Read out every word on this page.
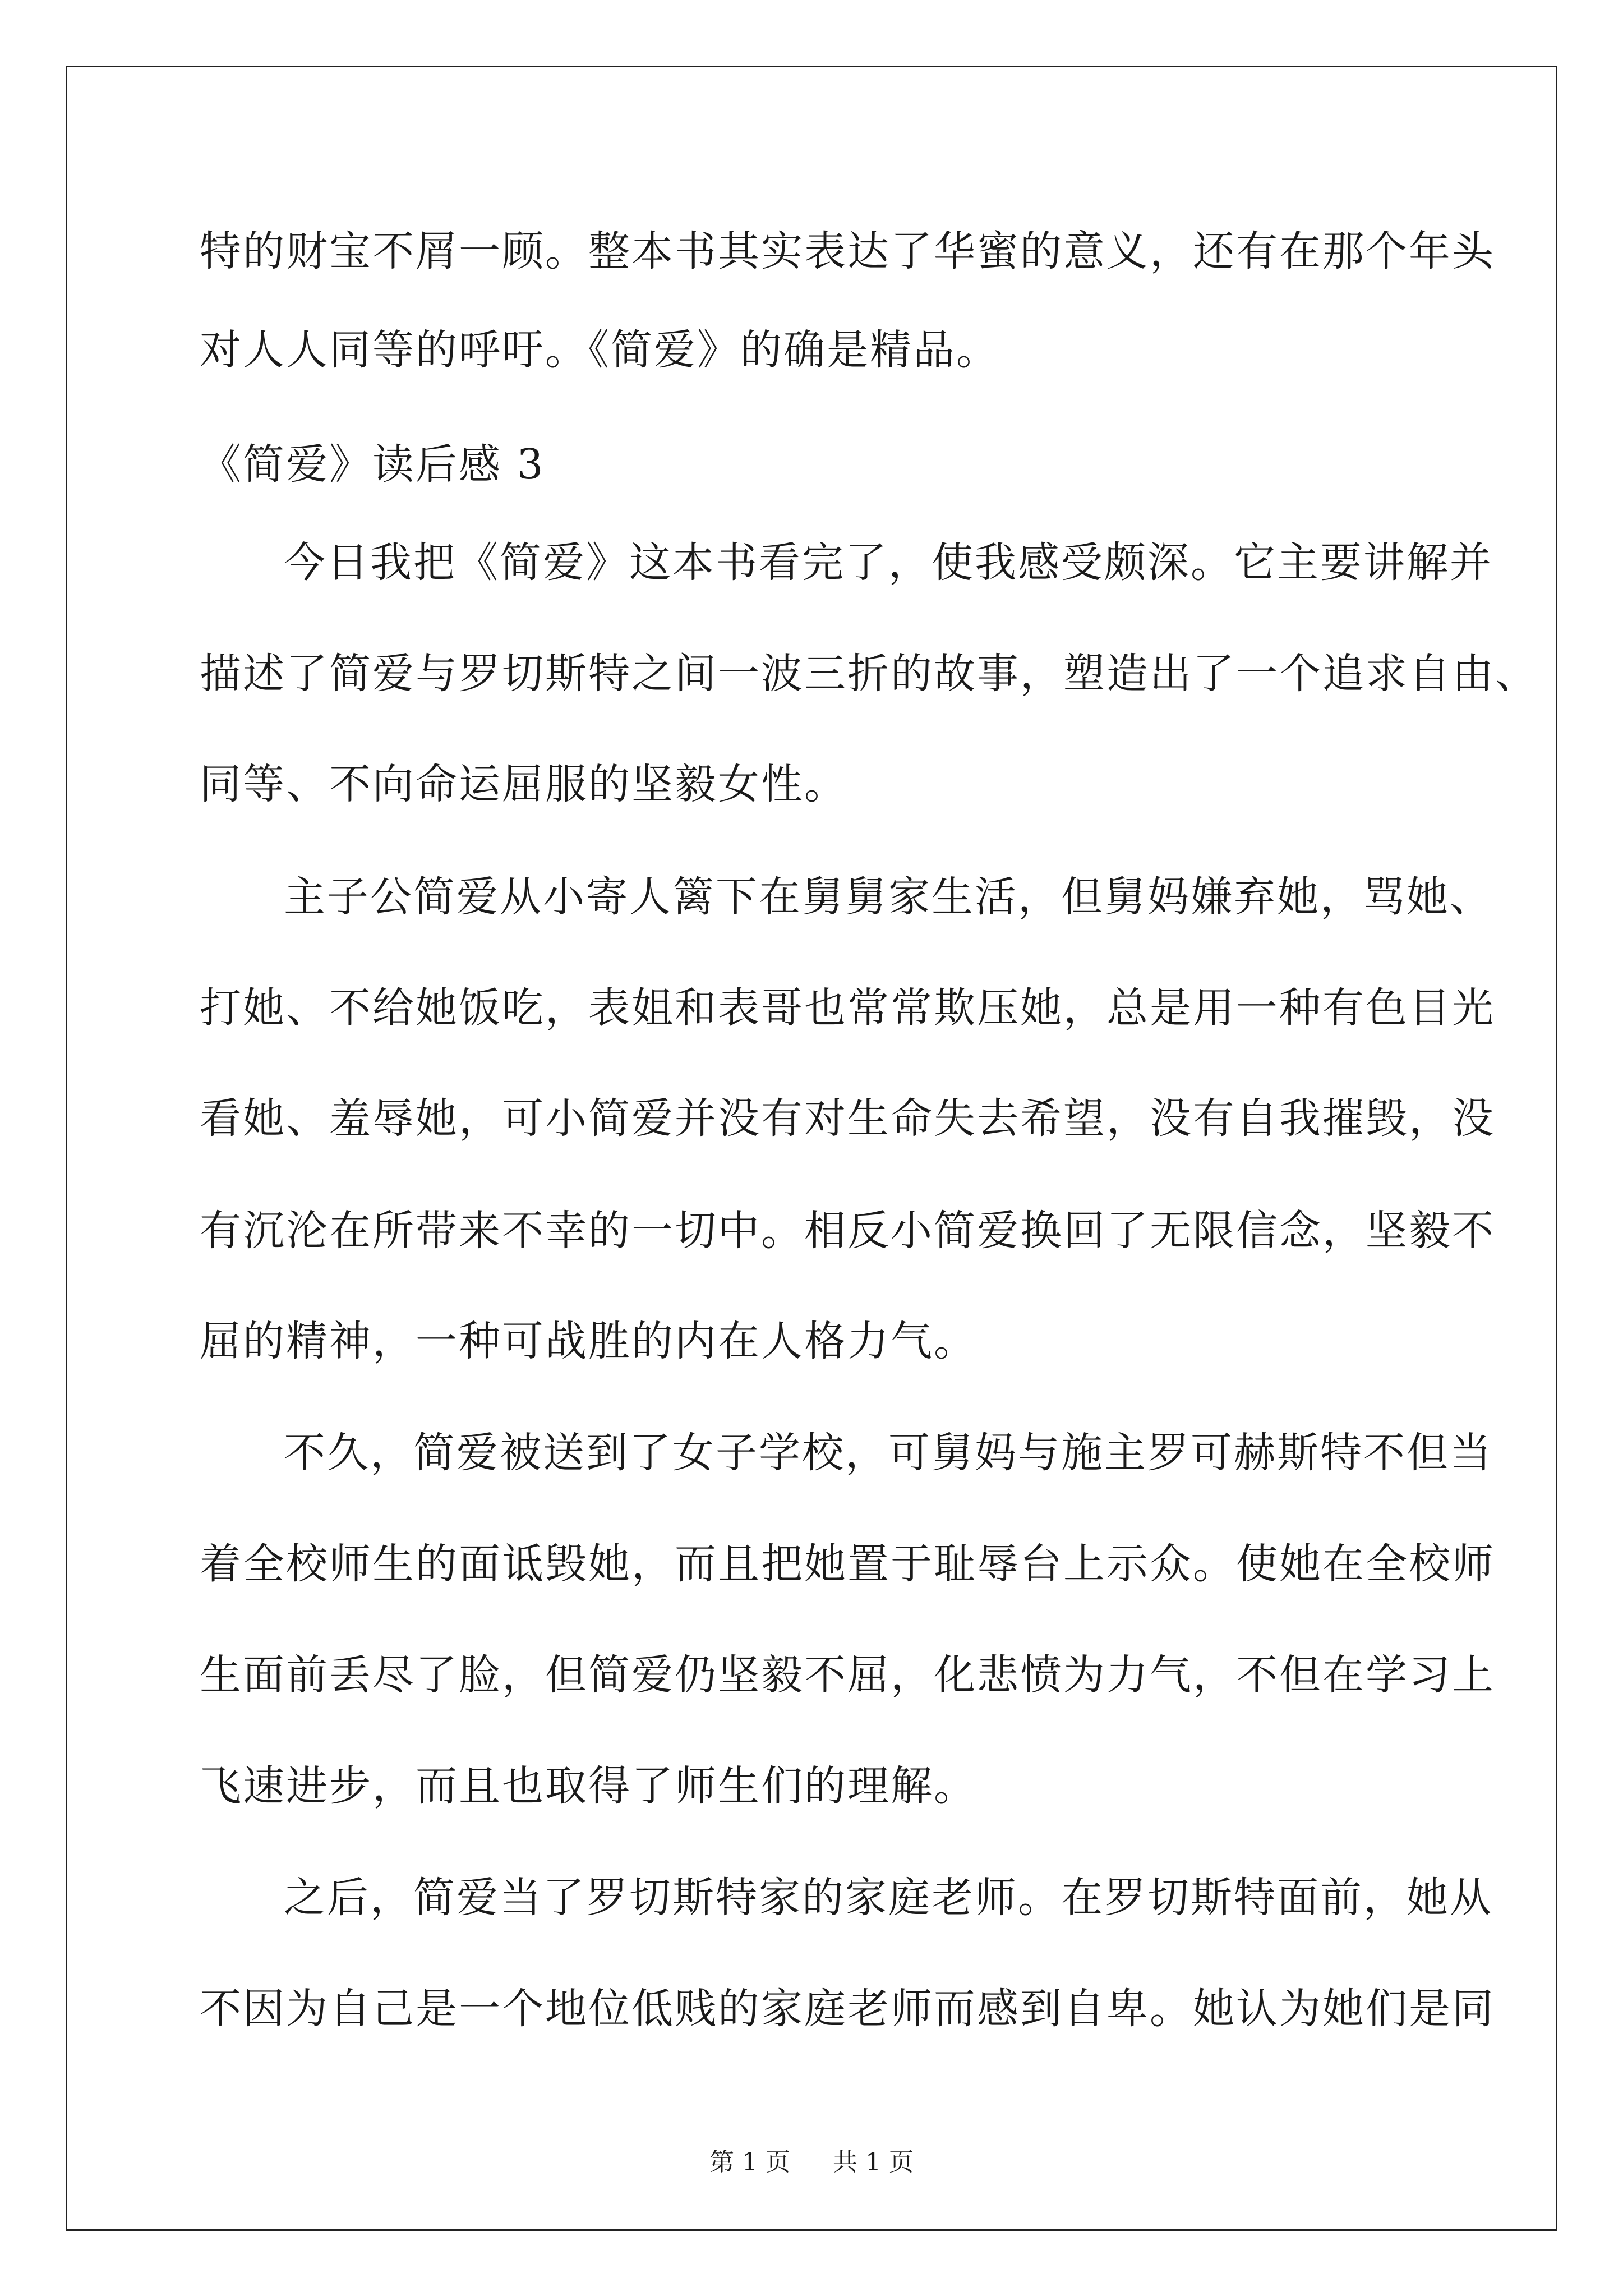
特的财宝不屑一顾。整本书其实表达了华蜜的意义，还有在那个年头

对人人同等的呼吁。《简爱》的确是精品。

《简爱》读后感 3

今日我把《简爱》这本书看完了，使我感受颇深。它主要讲解并

描述了简爱与罗切斯特之间一波三折的故事，塑造出了一个追求自由、

同等、不向命运屈服的坚毅女性。

主子公简爱从小寄人篱下在舅舅家生活，但舅妈嫌弃她，骂她、

打她、不给她饭吃，表姐和表哥也常常欺压她，总是用一种有色目光

看她、羞辱她，可小简爱并没有对生命失去希望，没有自我摧毁，没

有沉沦在所带来不幸的一切中。相反小简爱换回了无限信念，坚毅不

屈的精神，一种可战胜的内在人格力气。

不久，简爱被送到了女子学校，可舅妈与施主罗可赫斯特不但当

着全校师生的面诋毁她，而且把她置于耻辱台上示众。使她在全校师

生面前丢尽了脸，但简爱仍坚毅不屈，化悲愤为力气，不但在学习上

飞速进步，而且也取得了师生们的理解。

之后，简爱当了罗切斯特家的家庭老师。在罗切斯特面前，她从

不因为自己是一个地位低贱的家庭老师而感到自卑。她认为她们是同

第 1 页 共 1 页
